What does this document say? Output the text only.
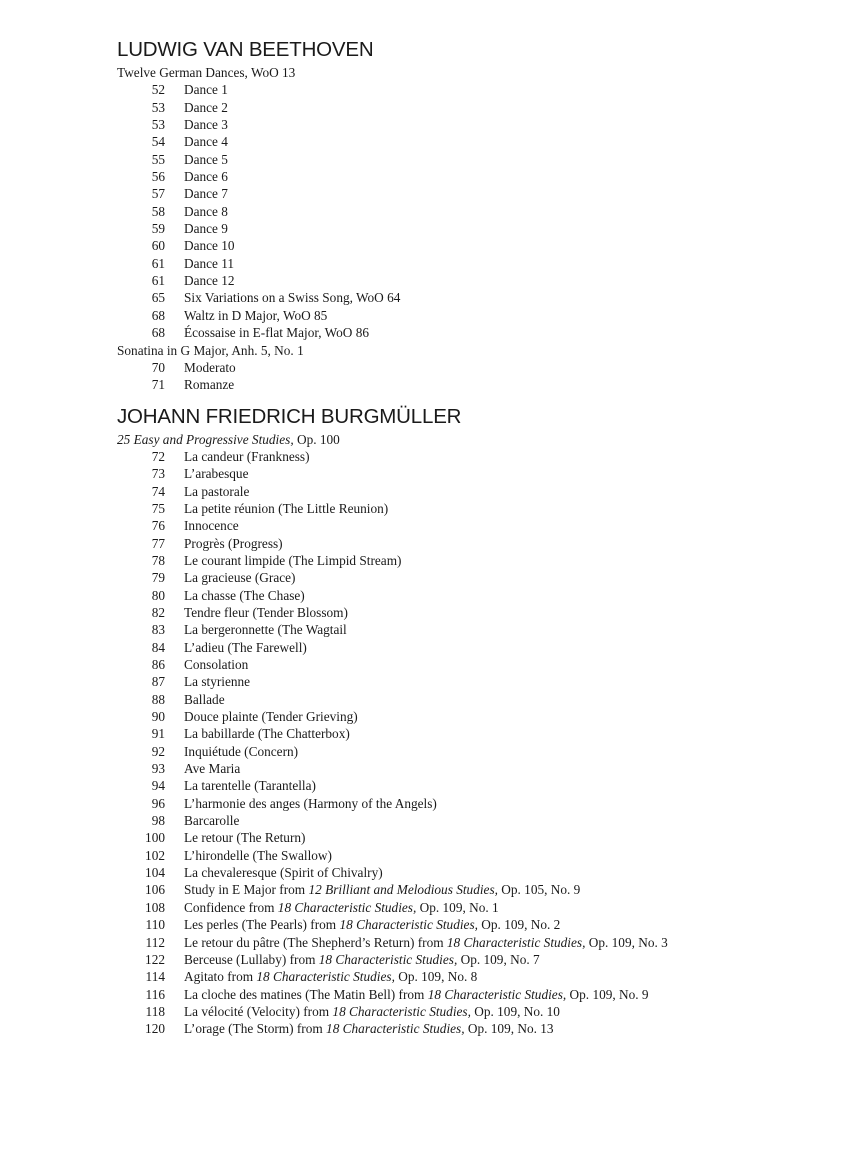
LUDWIG VAN BEETHOVEN
Twelve German Dances, WoO 13
52	Dance 1
53	Dance 2
53	Dance 3
54	Dance 4
55	Dance 5
56	Dance 6
57	Dance 7
58	Dance 8
59	Dance 9
60	Dance 10
61	Dance 11
61	Dance 12
65	Six Variations on a Swiss Song, WoO 64
68	Waltz in D Major, WoO 85
68	Écossaise in E-flat Major, WoO 86
Sonatina in G Major, Anh. 5, No. 1
70	Moderato
71	Romanze
JOHANN FRIEDRICH BURGMÜLLER
25 Easy and Progressive Studies, Op. 100
72	La candeur (Frankness)
73	L’arabesque
74	La pastorale
75	La petite réunion (The Little Reunion)
76	Innocence
77	Progrès (Progress)
78	Le courant limpide (The Limpid Stream)
79	La gracieuse (Grace)
80	La chasse (The Chase)
82	Tendre fleur (Tender Blossom)
83	La bergeronnette (The Wagtail
84	L’adieu (The Farewell)
86	Consolation
87	La styrienne
88	Ballade
90	Douce plainte (Tender Grieving)
91	La babillarde (The Chatterbox)
92	Inquiétude (Concern)
93	Ave Maria
94	La tarentelle (Tarantella)
96	L’harmonie des anges (Harmony of the Angels)
98	Barcarolle
100	Le retour (The Return)
102	L’hirondelle (The Swallow)
104	La chevaleresque (Spirit of Chivalry)
106	Study in E Major from 12 Brilliant and Melodious Studies, Op. 105, No. 9
108	Confidence from 18 Characteristic Studies, Op. 109, No. 1
110	Les perles (The Pearls) from 18 Characteristic Studies, Op. 109, No. 2
112	Le retour du pâtre (The Shepherd’s Return) from 18 Characteristic Studies, Op. 109, No. 3
122	Berceuse (Lullaby) from 18 Characteristic Studies, Op. 109, No. 7
114	Agitato from 18 Characteristic Studies, Op. 109, No. 8
116	La cloche des matines (The Matin Bell) from 18 Characteristic Studies, Op. 109, No. 9
118	La vélocité (Velocity) from 18 Characteristic Studies, Op. 109, No. 10
120	L’orage (The Storm) from 18 Characteristic Studies, Op. 109, No. 13
